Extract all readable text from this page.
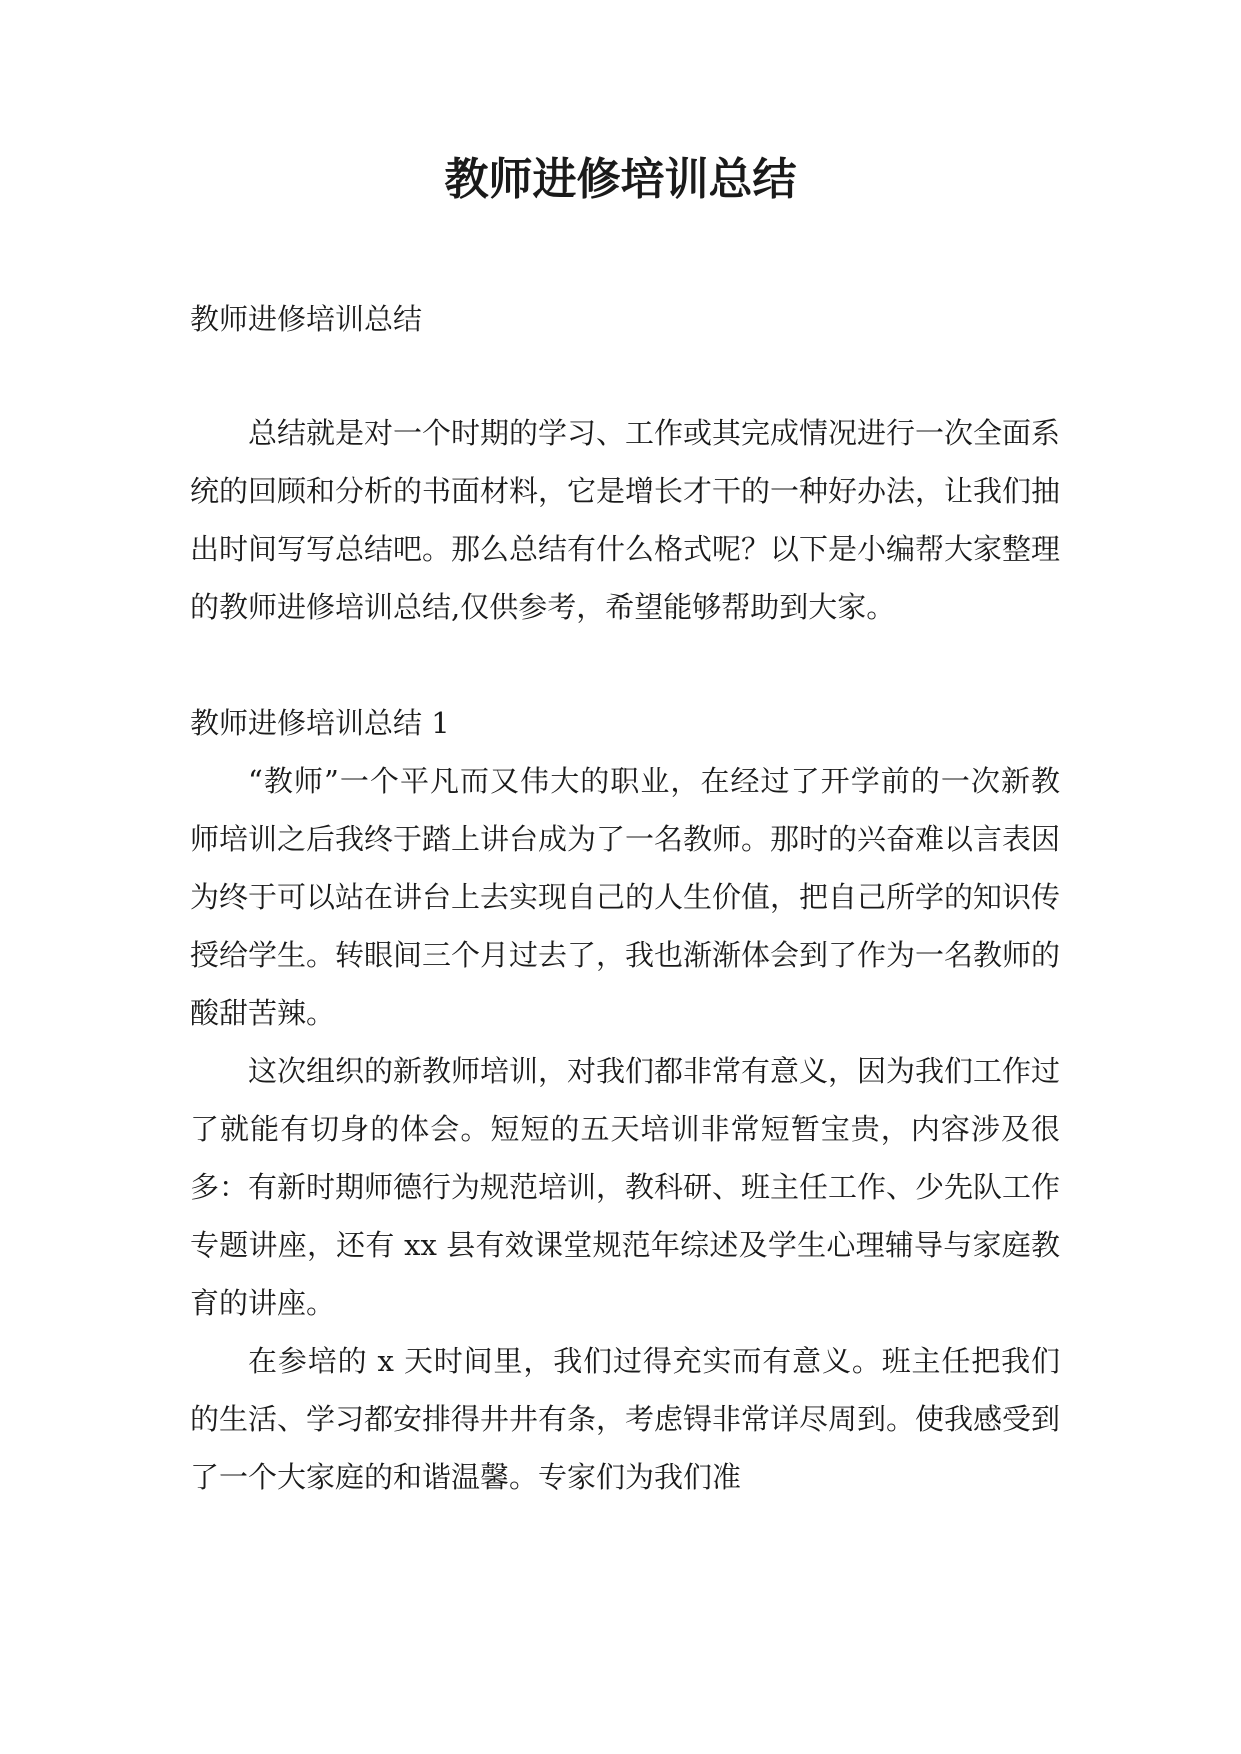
教师进修培训总结

教师进修培训总结

总结就是对一个时期的学习、工作或其完成情况进行一次全面系统的回顾和分析的书面材料，它是增长才干的一种好办法，让我们抽出时间写写总结吧。那么总结有什么格式呢？以下是小编帮大家整理的教师进修培训总结,仅供参考，希望能够帮助到大家。

教师进修培训总结 1

“教师”一个平凡而又伟大的职业，在经过了开学前的一次新教师培训之后我终于踏上讲台成为了一名教师。那时的兴奋难以言表因为终于可以站在讲台上去实现自己的人生价值，把自己所学的知识传授给学生。转眼间三个月过去了，我也渐渐体会到了作为一名教师的酸甜苦辣。

这次组织的新教师培训，对我们都非常有意义，因为我们工作过了就能有切身的体会。短短的五天培训非常短暂宝贵，内容涉及很多：有新时期师德行为规范培训，教科研、班主任工作、少先队工作专题讲座，还有 xx 县有效课堂规范年综述及学生心理辅导与家庭教育的讲座。

在参培的 x 天时间里，我们过得充实而有意义。班主任把我们的生活、学习都安排得井井有条，考虑锝非常详尽周到。使我感受到了一个大家庭的和谐温馨。专家们为我们准
